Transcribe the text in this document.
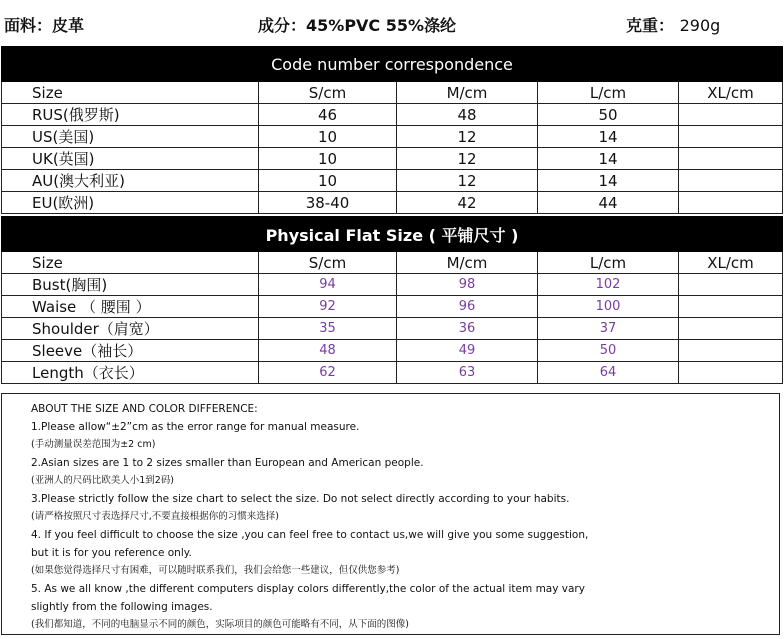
面料：皮革	成分：45%PVC 55%涤纶	克重： 290g
Code number correspondence				
Size	S/cm	M/cm	L/cm	XL/cm
RUS(俄罗斯)	46	48	50	
US(美国)	10	12	14	
UK(英国)	10	12	14	
AU(澳大利亚)	10	12	14	
EU(欧洲)	38-40	42	44	
Physical Flat Size ( 平铺尺寸 )				
Size	S/cm	M/cm	L/cm	XL/cm
Bust(胸围)	94	98	102	
Waise （ 腰围 ）	92	96	100	
Shoulder（肩宽）	35	36	37	
Sleeve（袖长）	48	49	50	
Length（衣长）	62	63	64	
ABOUT THE SIZE AND COLOR DIFFERENCE:
1.Please allow“±2”cm as the error range for manual measure.
(手动测量误差范围为±2 cm)
2.Asian sizes are 1 to 2 sizes smaller than European and American people.
(亚洲人的尺码比欧美人小1到2码)
3.Please strictly follow the size chart to select the size. Do not select directly according to your habits.
(请严格按照尺寸表选择尺寸,不要直接根据你的习惯来选择)
4. If you feel difficult to choose the size ,you can feel free to contact us,we will give you some suggestion,
but it is for you reference only.
(如果您觉得选择尺寸有困难，可以随时联系我们，我们会给您一些建议，但仅供您参考)
5. As we all know ,the different computers display colors differently,the color of the actual item may vary
slightly from the following images.
(我们都知道，不同的电脑显示不同的颜色，实际项目的颜色可能略有不同，从下面的图像)
